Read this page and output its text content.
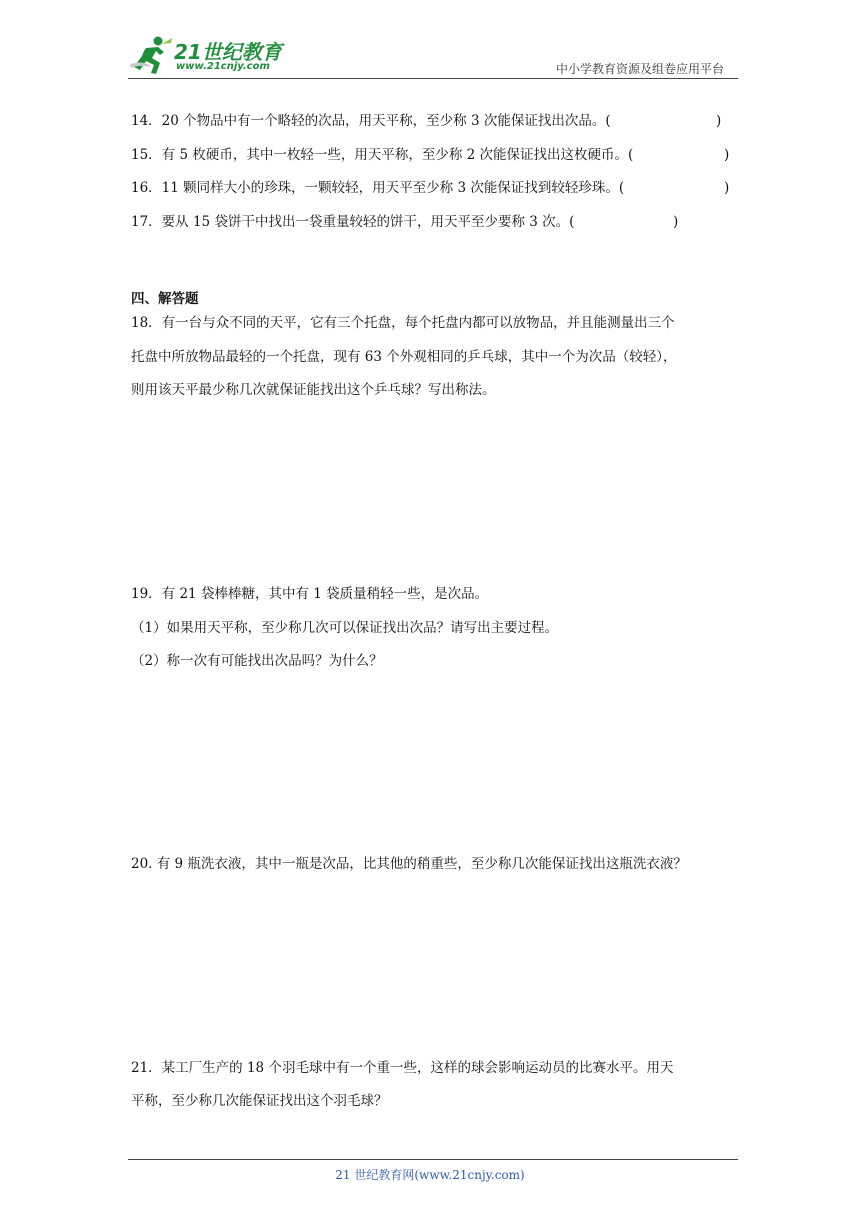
21世纪教育
www.21cnjy.com	中小学教育资源及组卷应用平台
14．20 个物品中有一个略轻的次品，用天平称，至少称 3 次能保证找出次品。(	)
15．有 5 枚硬币，其中一枚轻一些，用天平称，至少称 2 次能保证找出这枚硬币。(	)
16．11 颗同样大小的珍珠，一颗较轻，用天平至少称 3 次能保证找到较轻珍珠。(	)
17．要从 15 袋饼干中找出一袋重量较轻的饼干，用天平至少要称 3 次。(	)
四、解答题
18．有一台与众不同的天平，它有三个托盘，每个托盘内都可以放物品，并且能测量出三个
托盘中所放物品最轻的一个托盘，现有 63 个外观相同的乒乓球，其中一个为次品（较轻），
则用该天平最少称几次就保证能找出这个乒乓球？写出称法。
19．有 21 袋棒棒糖，其中有 1 袋质量稍轻一些，是次品。
（1）如果用天平称，至少称几次可以保证找出次品？请写出主要过程。
（2）称一次有可能找出次品吗？为什么？
20. 有 9 瓶洗衣液，其中一瓶是次品，比其他的稍重些，至少称几次能保证找出这瓶洗衣液？
21．某工厂生产的 18 个羽毛球中有一个重一些，这样的球会影响运动员的比赛水平。用天
平称，至少称几次能保证找出这个羽毛球？
21 世纪教育网(www.21cnjy.com)
